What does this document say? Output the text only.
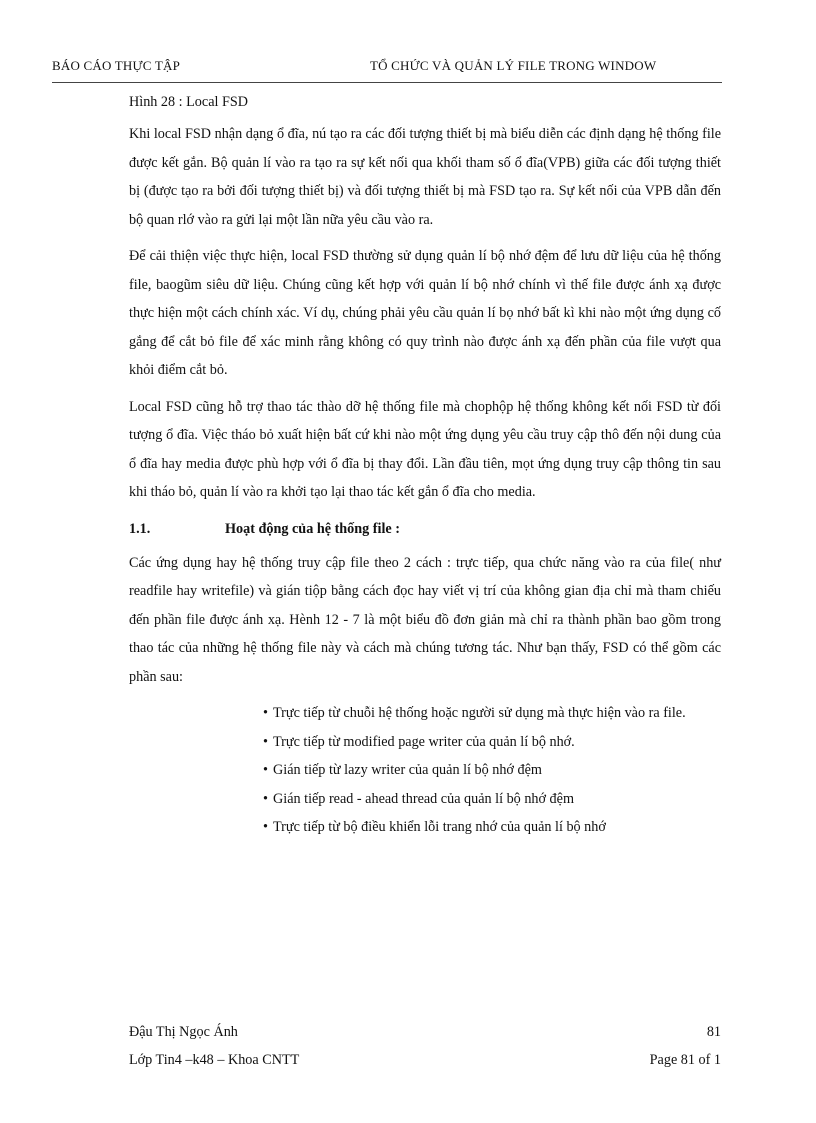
BÁO CÁO THỰC TẬP	TỔ CHỨC VÀ QUẢN LÝ FILE TRONG WINDOW

Hình 28 : Local FSD

Khi local FSD nhận dạng ổ đĩa, nú tạo ra các đối tượng thiết bị mà biểu diễn các định dạng hệ thống file được kết gắn. Bộ quản lí vào ra tạo ra sự kết nối qua khối tham số ổ đĩa(VPB) giữa các đối tượng thiết bị (được tạo ra bởi đối tượng thiết bị) và đối tượng thiết bị mà FSD tạo ra. Sự kết nối của VPB dẫn đến bộ quan rlớ vào ra gửi lại một lần nữa yêu cầu vào ra.

Để cải thiện việc thực hiện, local FSD thường sử dụng quản lí bộ nhớ đệm để lưu dữ liệu của hệ thống file, baogũm siêu dữ liệu. Chúng cũng kết hợp với quản lí bộ nhớ chính vì thế file được ánh xạ được thực hiện một cách chính xác. Ví dụ, chúng phải yêu cầu quản lí bọ nhớ bất kì khi nào một ứng dụng cố gắng để cắt bỏ file để xác minh rằng không có quy trình nào được ánh xạ đến phần của file vượt qua khỏi điểm cắt bỏ.

Local FSD cũng hỗ trợ thao tác thào dỡ hệ thống file mà chophộp hệ thống không kết nối FSD từ đối tượng ổ đĩa. Việc tháo bỏ xuất hiện bất cứ khi nào một ứng dụng yêu cầu truy cập thô đến nội dung của ổ đĩa hay media được phù hợp với ổ đĩa bị thay đổi. Lần đầu tiên, mọt ứng dụng truy cập thông tin sau khi tháo bỏ, quản lí vào ra khởi tạo lại thao tác kết gắn ổ đĩa cho media.

1.1.	Hoạt động của hệ thống file :

Các ứng dụng hay hệ thống truy cập file theo 2 cách : trực tiếp, qua chức năng vào ra của file( như readfile hay writefile) và gián tiộp bằng cách đọc hay viết vị trí của không gian địa chỉ mà tham chiếu đến phần file được ánh xạ. Hènh 12 - 7 là một biểu đồ đơn giản mà chỉ ra thành phần bao gồm trong thao tác của những hệ thống file này và cách mà chúng tương tác. Như bạn thấy, FSD có thể gồm các phần sau:

• Trực tiếp từ chuỗi hệ thống hoặc người sử dụng mà thực hiện vào ra file.
• Trực tiếp từ modified page writer của quản lí bộ nhớ.
• Gián tiếp từ lazy writer của quản lí bộ nhớ đệm
• Gián tiếp read - ahead thread của quản lí bộ nhớ đệm
• Trực tiếp từ bộ điều khiển lỗi trang nhớ của quản lí bộ nhớ
Đậu Thị Ngọc Ánh	81
Lớp Tin4 –k48 – Khoa CNTT	Page 81 of 1
